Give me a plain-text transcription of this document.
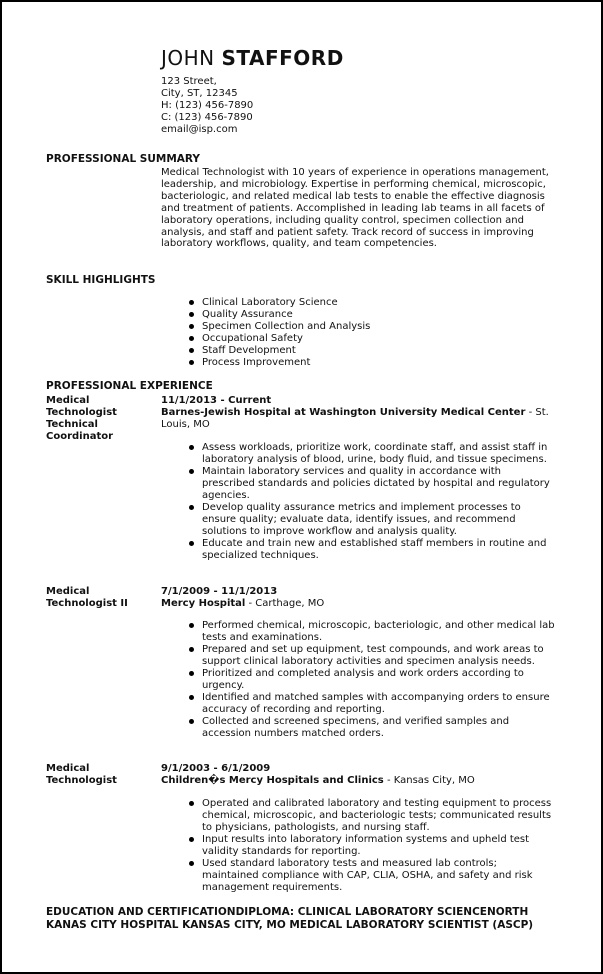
JOHN STAFFORD
123 Street,
City, ST, 12345
H: (123) 456-7890
C: (123) 456-7890
email@isp.com
PROFESSIONAL SUMMARY
Medical Technologist with 10 years of experience in operations management, leadership, and microbiology. Expertise in performing chemical, microscopic, bacteriologic, and related medical lab tests to enable the effective diagnosis and treatment of patients. Accomplished in leading lab teams in all facets of laboratory operations, including quality control, specimen collection and analysis, and staff and patient safety. Track record of success in improving laboratory workflows, quality, and team competencies.
SKILL HIGHLIGHTS
Clinical Laboratory Science
Quality Assurance
Specimen Collection and Analysis
Occupational Safety
Staff Development
Process Improvement
PROFESSIONAL EXPERIENCE
Medical Technologist Technical Coordinator
11/1/2013 - Current
Barnes-Jewish Hospital at Washington University Medical Center - St. Louis, MO
Assess workloads, prioritize work, coordinate staff, and assist staff in laboratory analysis of blood, urine, body fluid, and tissue specimens.
Maintain laboratory services and quality in accordance with prescribed standards and policies dictated by hospital and regulatory agencies.
Develop quality assurance metrics and implement processes to ensure quality; evaluate data, identify issues, and recommend solutions to improve workflow and analysis quality.
Educate and train new and established staff members in routine and specialized techniques.
Medical Technologist II
7/1/2009 - 11/1/2013
Mercy Hospital - Carthage, MO
Performed chemical, microscopic, bacteriologic, and other medical lab tests and examinations.
Prepared and set up equipment, test compounds, and work areas to support clinical laboratory activities and specimen analysis needs.
Prioritized and completed analysis and work orders according to urgency.
Identified and matched samples with accompanying orders to ensure accuracy of recording and reporting.
Collected and screened specimens, and verified samples and accession numbers matched orders.
Medical Technologist
9/1/2003 - 6/1/2009
Children�s Mercy Hospitals and Clinics - Kansas City, MO
Operated and calibrated laboratory and testing equipment to process chemical, microscopic, and bacteriologic tests; communicated results to physicians, pathologists, and nursing staff.
Input results into laboratory information systems and upheld test validity standards for reporting.
Used standard laboratory tests and measured lab controls; maintained compliance with CAP, CLIA, OSHA, and safety and risk management requirements.
EDUCATION AND CERTIFICATIONDIPLOMA: CLINICAL LABORATORY SCIENCENORTH KANAS CITY HOSPITAL KANSAS CITY, MO MEDICAL LABORATORY SCIENTIST (ASCP)
